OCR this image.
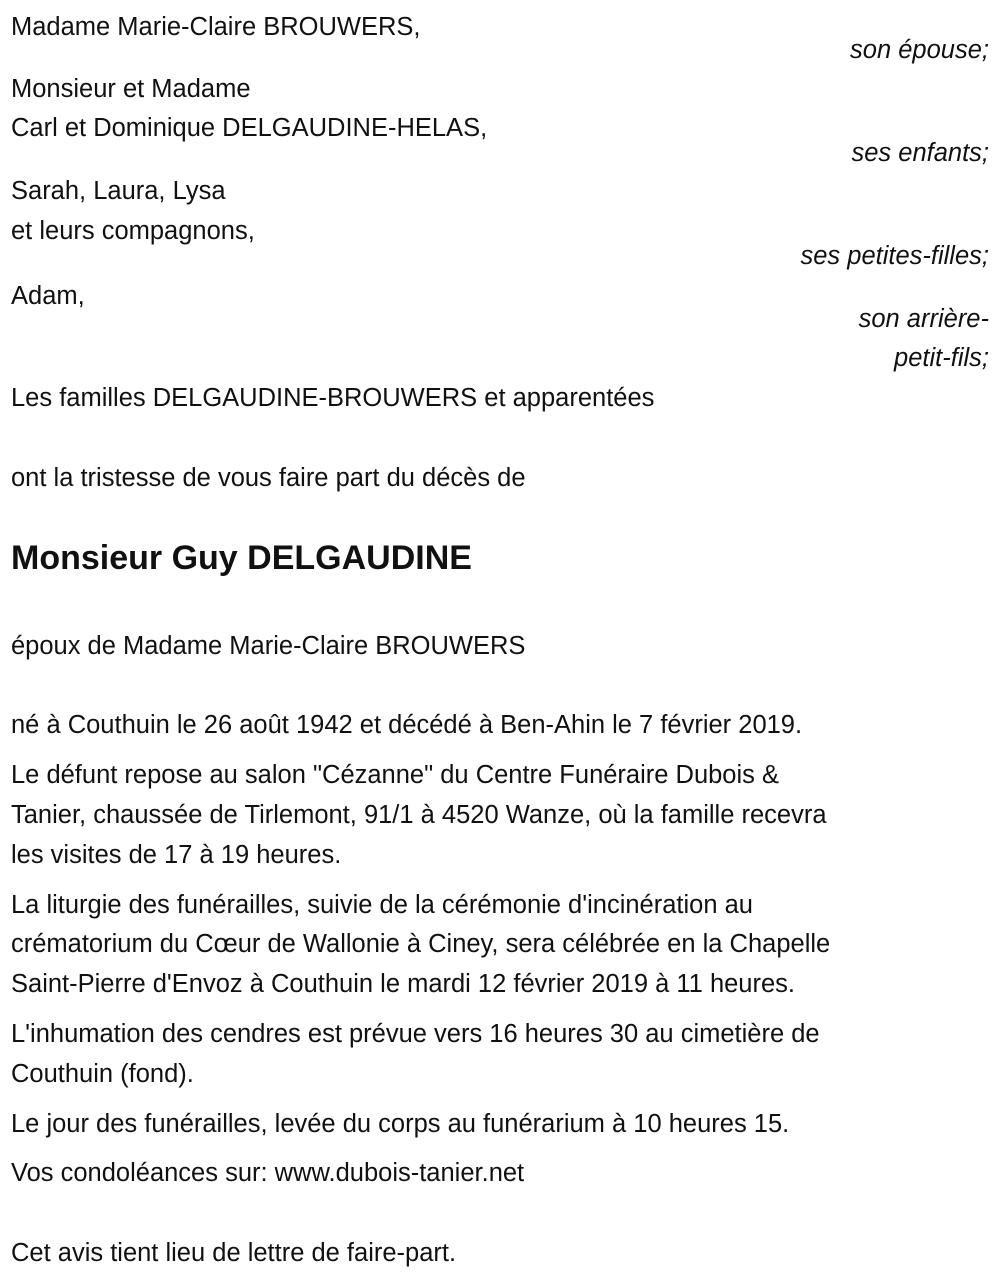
Madame Marie-Claire BROUWERS,
son épouse;
Monsieur et Madame
Carl et Dominique DELGAUDINE-HELAS,
ses enfants;
Sarah, Laura, Lysa
et leurs compagnons,
ses petites-filles;
Adam,
son arrière-
petit-fils;
Les familles DELGAUDINE-BROUWERS et apparentées
ont la tristesse de vous faire part du décès de
Monsieur Guy DELGAUDINE
époux de Madame Marie-Claire BROUWERS
né à Couthuin le 26 août 1942 et décédé à Ben-Ahin le 7 février 2019.
Le défunt repose au salon "Cézanne" du Centre Funéraire Dubois &
Tanier, chaussée de Tirlemont, 91/1 à 4520 Wanze, où la famille recevra
les visites de 17 à 19 heures.
La liturgie des funérailles, suivie de la cérémonie d'incinération au
crématorium du Cœur de Wallonie à Ciney, sera célébrée en la Chapelle
Saint-Pierre d'Envoz à Couthuin le mardi 12 février 2019 à 11 heures.
L'inhumation des cendres est prévue vers 16 heures 30 au cimetière de
Couthuin (fond).
Le jour des funérailles, levée du corps au funérarium à 10 heures 15.
Vos condoléances sur: www.dubois-tanier.net
Cet avis tient lieu de lettre de faire-part.
